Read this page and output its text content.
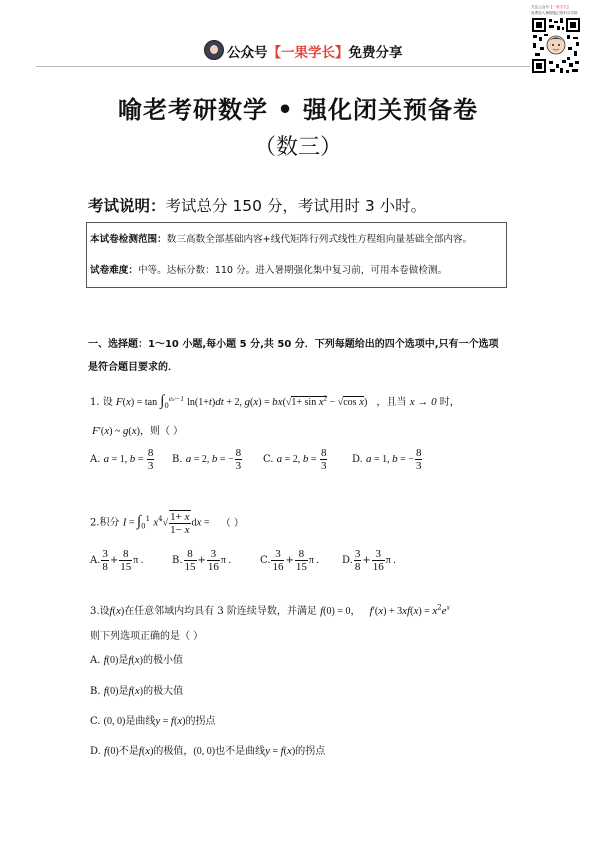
公众号【一果学长】免费分享
关注公众号【一果学长】
免费加入暑期笔记资料分享群
喻老考研数学 • 强化闭关预备卷
（数三）
考试说明：考试总分 150 分，考试用时 3 小时。
本试卷检测范围：数三高数全部基础内容+线代矩阵行列式线性方程组向量基础全部内容。
试卷难度：中等。达标分数：110 分。进入暑期强化集中复习前，可用本卷做检测。
一、选择题：1～10 小题,每小题 5 分,共 50 分．下列每题给出的四个选项中,只有一个选项
是符合题目要求的．
1. 设 $F(x) = \tan \int_0^{ex^2-1}$ ln(1+t)dt + 2, $g(x) = bx(√1+ \sin x^2 - √\cos$ x) ，且当 x → 0 时，
F′(x) ~ g(x)，则（ ）
A. a = 1, $b = \frac{8}{3} B$. a = 2, b = − $\frac{8}{3} C$. a = 2, $b = \frac{8}{3} D$. a = 1, b = − $\frac{8}{3}$
2.积分 $I = \int_0^1$ $x^4√ \frac{1+ x}{1- x}$ dx = （ ）
A. $\frac{3}{8} + \frac{8}{15}$ π .	B. $\frac{8}{15} + \frac{3}{16}$ π .	C. $\frac{3}{16} + \frac{8}{15}$ π . D. $\frac{3}{8} + \frac{3}{16}$ π .
3.设f(x)在任意邻域内均具有 3 阶连续导数，并满足 f(0) = 0， $f'(x) + 3xf(x) = x^2e^x$
则下列选项正确的是（ ）
A. f(0)是f(x)的极小值
B. f(0)是f(x)的极大值
C. (0, 0)是曲线y = f(x)的拐点
D. f(0)不是f(x)的极值，(0, 0)也不是曲线y = f(x)的拐点
